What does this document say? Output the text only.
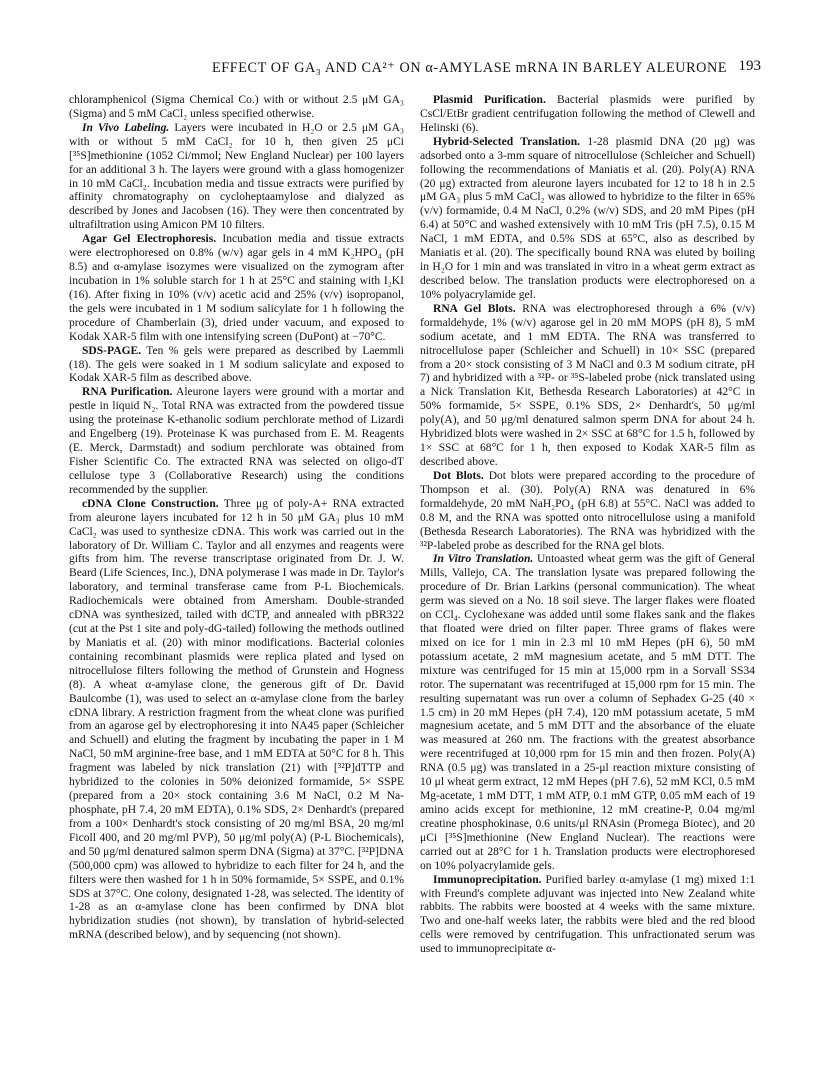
EFFECT OF GA₃ AND CA²⁺ ON α-AMYLASE mRNA IN BARLEY ALEURONE 193

chloramphenicol (Sigma Chemical Co.) with or without 2.5 μM GA₃ (Sigma) and 5 mM CaCl₂ unless specified otherwise.

In Vivo Labeling. Layers were incubated in H₂O or 2.5 μM GA₃ with or without 5 mM CaCl₂ for 10 h, then given 25 μCi [³⁵S]methionine (1052 Ci/mmol; New England Nuclear) per 100 layers for an additional 3 h. The layers were ground with a glass homogenizer in 10 mM CaCl₂. Incubation media and tissue extracts were purified by affinity chromatography on cycloheptaamylose and dialyzed as described by Jones and Jacobsen (16). They were then concentrated by ultrafiltration using Amicon PM 10 filters.

Agar Gel Electrophoresis. Incubation media and tissue extracts were electrophoresed on 0.8% (w/v) agar gels in 4 mM K₂HPO₄ (pH 8.5) and α-amylase isozymes were visualized on the zymogram after incubation in 1% soluble starch for 1 h at 25°C and staining with I₂KI (16). After fixing in 10% (v/v) acetic acid and 25% (v/v) isopropanol, the gels were incubated in 1 M sodium salicylate for 1 h following the procedure of Chamberlain (3), dried under vacuum, and exposed to Kodak XAR-5 film with one intensifying screen (DuPont) at −70°C.

SDS-PAGE. Ten % gels were prepared as described by Laemmli (18). The gels were soaked in 1 M sodium salicylate and exposed to Kodak XAR-5 film as described above.

RNA Purification. Aleurone layers were ground with a mortar and pestle in liquid N₂. Total RNA was extracted from the powdered tissue using the proteinase K-ethanolic sodium perchlorate method of Lizardi and Engelberg (19). Proteinase K was purchased from E. M. Reagents (E. Merck, Darmstadt) and sodium perchlorate was obtained from Fisher Scientific Co. The extracted RNA was selected on oligo-dT cellulose type 3 (Collaborative Research) using the conditions recommended by the supplier.

cDNA Clone Construction. Three μg of poly-A+ RNA extracted from aleurone layers incubated for 12 h in 50 μM GA₃ plus 10 mM CaCl₂ was used to synthesize cDNA. This work was carried out in the laboratory of Dr. William C. Taylor and all enzymes and reagents were gifts from him. The reverse transcriptase originated from Dr. J. W. Beard (Life Sciences, Inc.), DNA polymerase I was made in Dr. Taylor's laboratory, and terminal transferase came from P-L Biochemicals. Radiochemicals were obtained from Amersham. Double-stranded cDNA was synthesized, tailed with dCTP, and annealed with pBR322 (cut at the Pst 1 site and poly-dG-tailed) following the methods outlined by Maniatis et al. (20) with minor modifications. Bacterial colonies containing recombinant plasmids were replica plated and lysed on nitrocellulose filters following the method of Grunstein and Hogness (8). A wheat α-amylase clone, the generous gift of Dr. David Baulcombe (1), was used to select an α-amylase clone from the barley cDNA library. A restriction fragment from the wheat clone was purified from an agarose gel by electrophoresing it into NA45 paper (Schleicher and Schuell) and eluting the fragment by incubating the paper in 1 M NaCl, 50 mM arginine-free base, and 1 mM EDTA at 50°C for 8 h. This fragment was labeled by nick translation (21) with [³²P]dTTP and hybridized to the colonies in 50% deionized formamide, 5× SSPE (prepared from a 20× stock containing 3.6 M NaCl, 0.2 M Na-phosphate, pH 7.4, 20 mM EDTA), 0.1% SDS, 2× Denhardt's (prepared from a 100× Denhardt's stock consisting of 20 mg/ml BSA, 20 mg/ml Ficoll 400, and 20 mg/ml PVP), 50 μg/ml poly(A) (P-L Biochemicals), and 50 μg/ml denatured salmon sperm DNA (Sigma) at 37°C. [³²P]DNA (500,000 cpm) was allowed to hybridize to each filter for 24 h, and the filters were then washed for 1 h in 50% formamide, 5× SSPE, and 0.1% SDS at 37°C. One colony, designated 1-28, was selected. The identity of 1-28 as an α-amylase clone has been confirmed by DNA blot hybridization studies (not shown), by translation of hybrid-selected mRNA (described below), and by sequencing (not shown).

Plasmid Purification. Bacterial plasmids were purified by CsCl/EtBr gradient centrifugation following the method of Clewell and Helinski (6).

Hybrid-Selected Translation. 1-28 plasmid DNA (20 μg) was adsorbed onto a 3-mm square of nitrocellulose (Schleicher and Schuell) following the recommendations of Maniatis et al. (20). Poly(A) RNA (20 μg) extracted from aleurone layers incubated for 12 to 18 h in 2.5 μM GA₃ plus 5 mM CaCl₂ was allowed to hybridize to the filter in 65% (v/v) formamide, 0.4 M NaCl, 0.2% (w/v) SDS, and 20 mM Pipes (pH 6.4) at 50°C and washed extensively with 10 mM Tris (pH 7.5), 0.15 M NaCl, 1 mM EDTA, and 0.5% SDS at 65°C, also as described by Maniatis et al. (20). The specifically bound RNA was eluted by boiling in H₂O for 1 min and was translated in vitro in a wheat germ extract as described below. The translation products were electrophoresed on a 10% polyacrylamide gel.

RNA Gel Blots. RNA was electrophoresed through a 6% (v/v) formaldehyde, 1% (w/v) agarose gel in 20 mM MOPS (pH 8), 5 mM sodium acetate, and 1 mM EDTA. The RNA was transferred to nitrocellulose paper (Schleicher and Schuell) in 10× SSC (prepared from a 20× stock consisting of 3 M NaCl and 0.3 M sodium citrate, pH 7) and hybridized with a ³²P- or ³⁵S-labeled probe (nick translated using a Nick Translation Kit, Bethesda Research Laboratories) at 42°C in 50% formamide, 5× SSPE, 0.1% SDS, 2× Denhardt's, 50 μg/ml poly(A), and 50 μg/ml denatured salmon sperm DNA for about 24 h. Hybridized blots were washed in 2× SSC at 68°C for 1.5 h, followed by 1× SSC at 68°C for 1 h, then exposed to Kodak XAR-5 film as described above.

Dot Blots. Dot blots were prepared according to the procedure of Thompson et al. (30). Poly(A) RNA was denatured in 6% formaldehyde, 20 mM NaH₂PO₄ (pH 6.8) at 55°C. NaCl was added to 0.8 M, and the RNA was spotted onto nitrocellulose using a manifold (Bethesda Research Laboratories). The RNA was hybridized with the ³²P-labeled probe as described for the RNA gel blots.

In Vitro Translation. Untoasted wheat germ was the gift of General Mills, Vallejo, CA. The translation lysate was prepared following the procedure of Dr. Brian Larkins (personal communication). The wheat germ was sieved on a No. 18 soil sieve. The larger flakes were floated on CCl₄. Cyclohexane was added until some flakes sank and the flakes that floated were dried on filter paper. Three grams of flakes were mixed on ice for 1 min in 2.3 ml 10 mM Hepes (pH 6), 50 mM potassium acetate, 2 mM magnesium acetate, and 5 mM DTT. The mixture was centrifuged for 15 min at 15,000 rpm in a Sorvall SS34 rotor. The supernatant was recentrifuged at 15,000 rpm for 15 min. The resulting supernatant was run over a column of Sephadex G-25 (40 × 1.5 cm) in 20 mM Hepes (pH 7.4), 120 mM potassium acetate, 5 mM magnesium acetate, and 5 mM DTT and the absorbance of the eluate was measured at 260 nm. The fractions with the greatest absorbance were recentrifuged at 10,000 rpm for 15 min and then frozen. Poly(A) RNA (0.5 μg) was translated in a 25-μl reaction mixture consisting of 10 μl wheat germ extract, 12 mM Hepes (pH 7.6), 52 mM KCl, 0.5 mM Mg-acetate, 1 mM DTT, 1 mM ATP, 0.1 mM GTP, 0.05 mM each of 19 amino acids except for methionine, 12 mM creatine-P, 0.04 mg/ml creatine phosphokinase, 0.6 units/μl RNAsin (Promega Biotec), and 20 μCi [³⁵S]methionine (New England Nuclear). The reactions were carried out at 28°C for 1 h. Translation products were electrophoresed on 10% polyacrylamide gels.

Immunoprecipitation. Purified barley α-amylase (1 mg) mixed 1:1 with Freund's complete adjuvant was injected into New Zealand white rabbits. The rabbits were boosted at 4 weeks with the same mixture. Two and one-half weeks later, the rabbits were bled and the red blood cells were removed by centrifugation. This unfractionated serum was used to immunoprecipitate α-
